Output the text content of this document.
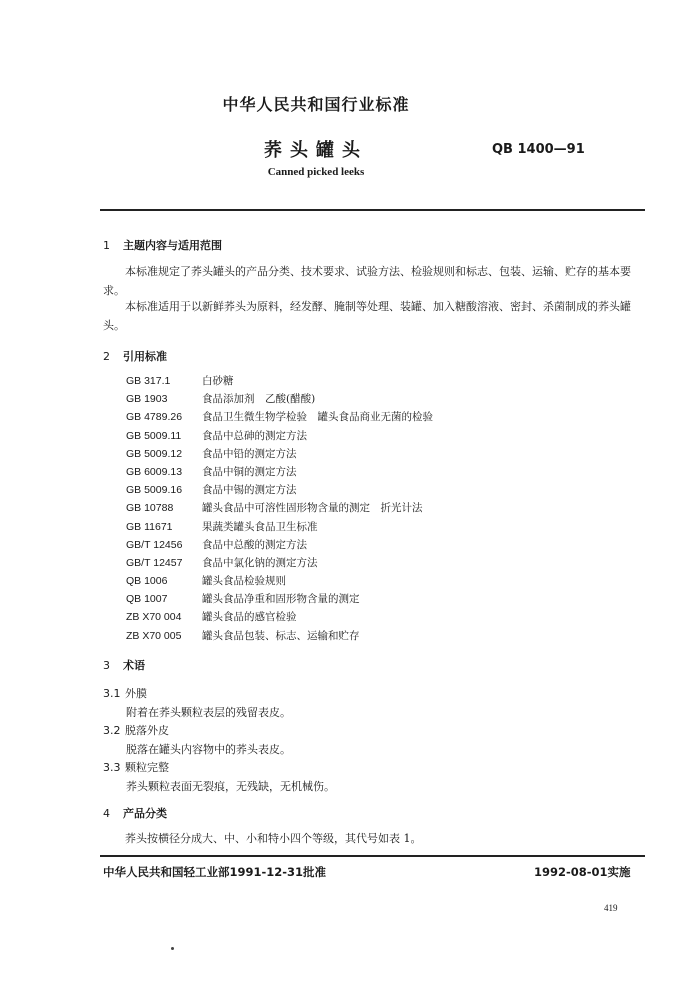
中华人民共和国行业标准
荞头罐头	QB 1400—91
Canned picked leeks
1 主题内容与适用范围
本标准规定了荞头罐头的产品分类、技术要求、试验方法、检验规则和标志、包装、运输、贮存的基本要求。
本标准适用于以新鲜荞头为原料，经发酵、腌制等处理、装罐、加入糖酸溶液、密封、杀菌制成的荞头罐头。
2 引用标准
GB 317.1	白砂糖
GB 1903	食品添加剂　乙酸(醋酸)
GB 4789.26 食品卫生微生物学检验　罐头食品商业无菌的检验
GB 5009.11 食品中总砷的测定方法
GB 5009.12 食品中铅的测定方法
GB 6009.13 食品中铜的测定方法
GB 5009.16 食品中锡的测定方法
GB 10788	罐头食品中可溶性固形物含量的测定　折光计法
GB 11671	果蔬类罐头食品卫生标准
GB/T 12456 食品中总酸的测定方法
GB/T 12457 食品中氯化钠的测定方法
QB 1006	罐头食品检验规则
QB 1007	罐头食品净重和固形物含量的测定
ZB X70 004 罐头食品的感官检验
ZB X70 005 罐头食品包装、标志、运输和贮存
3 术语
3.1 外膜
附着在荞头颗粒表层的残留表皮。
3.2 脱落外皮
脱落在罐头内容物中的荞头表皮。
3.3 颗粒完整
荞头颗粒表面无裂痕，无残缺，无机械伤。
4 产品分类
荞头按横径分成大、中、小和特小四个等级，其代号如表 1。
中华人民共和国轻工业部1991-12-31批准	1992-08-01实施
419
